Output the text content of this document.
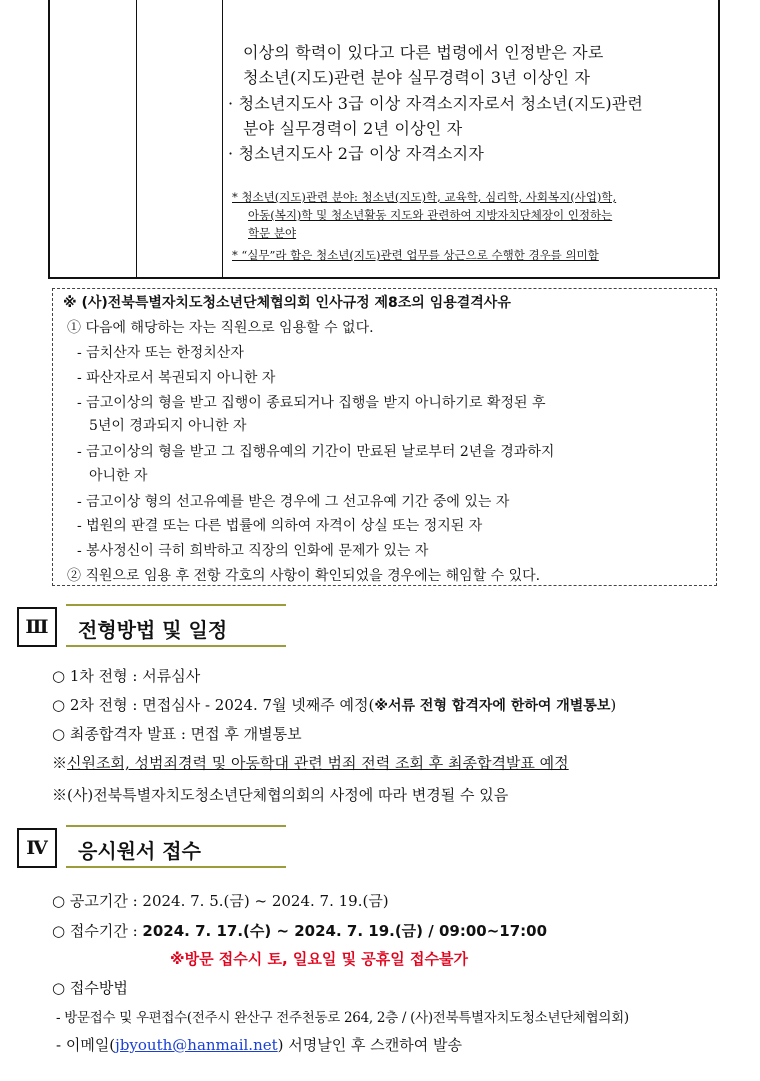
이상의 학력이 있다고 다른 법령에서 인정받은 자로
청소년(지도)관련 분야 실무경력이 3년 이상인 자
· 청소년지도사 3급 이상 자격소지자로서 청소년(지도)관련
분야 실무경력이 2년 이상인 자
· 청소년지도사 2급 이상 자격소지자
* 청소년(지도)관련 분야: 청소년(지도)학, 교육학, 심리학, 사회복지(사업)학,
아동(복지)학 및 청소년활동 지도와 관련하여 지방자치단체장이 인정하는
학문 분야
* “실무”라 함은 청소년(지도)관련 업무를 상근으로 수행한 경우를 의미함
※ (사)전북특별자치도청소년단체협의회 인사규정 제8조의 임용결격사유
① 다음에 해당하는 자는 직원으로 임용할 수 없다.
- 금치산자 또는 한정치산자
- 파산자로서 복권되지 아니한 자
- 금고이상의 형을 받고 집행이 종료되거나 집행을 받지 아니하기로 확정된 후
5년이 경과되지 아니한 자
- 금고이상의 형을 받고 그 집행유예의 기간이 만료된 날로부터 2년을 경과하지
아니한 자
- 금고이상 형의 선고유예를 받은 경우에 그 선고유예 기간 중에 있는 자
- 법원의 판결 또는 다른 법률에 의하여 자격이 상실 또는 정지된 자
- 봉사정신이 극히 희박하고 직장의 인화에 문제가 있는 자
② 직원으로 임용 후 전항 각호의 사항이 확인되었을 경우에는 해임할 수 있다.
Ⅲ	전형방법 및 일정
○ 1차 전형 : 서류심사
○ 2차 전형 : 면접심사 - 2024. 7월 넷째주 예정(※서류 전형 합격자에 한하여 개별통보)
○ 최종합격자 발표 : 면접 후 개별통보
※신원조회, 성범죄경력 및 아동학대 관련 범죄 전력 조회 후 최종합격발표 예정
※(사)전북특별자치도청소년단체협의회의 사정에 따라 변경될 수 있음
Ⅳ	응시원서 접수
○ 공고기간 : 2024. 7. 5.(금) ~ 2024. 7. 19.(금)
○ 접수기간 : 2024. 7. 17.(수) ~ 2024. 7. 19.(금) / 09:00~17:00
※방문 접수시 토, 일요일 및 공휴일 접수불가
○ 접수방법
- 방문접수 및 우편접수(전주시 완산구 전주천동로 264, 2층 / (사)전북특별자치도청소년단체협의회)
- 이메일(jbyouth@hanmail.net) 서명날인 후 스캔하여 발송
